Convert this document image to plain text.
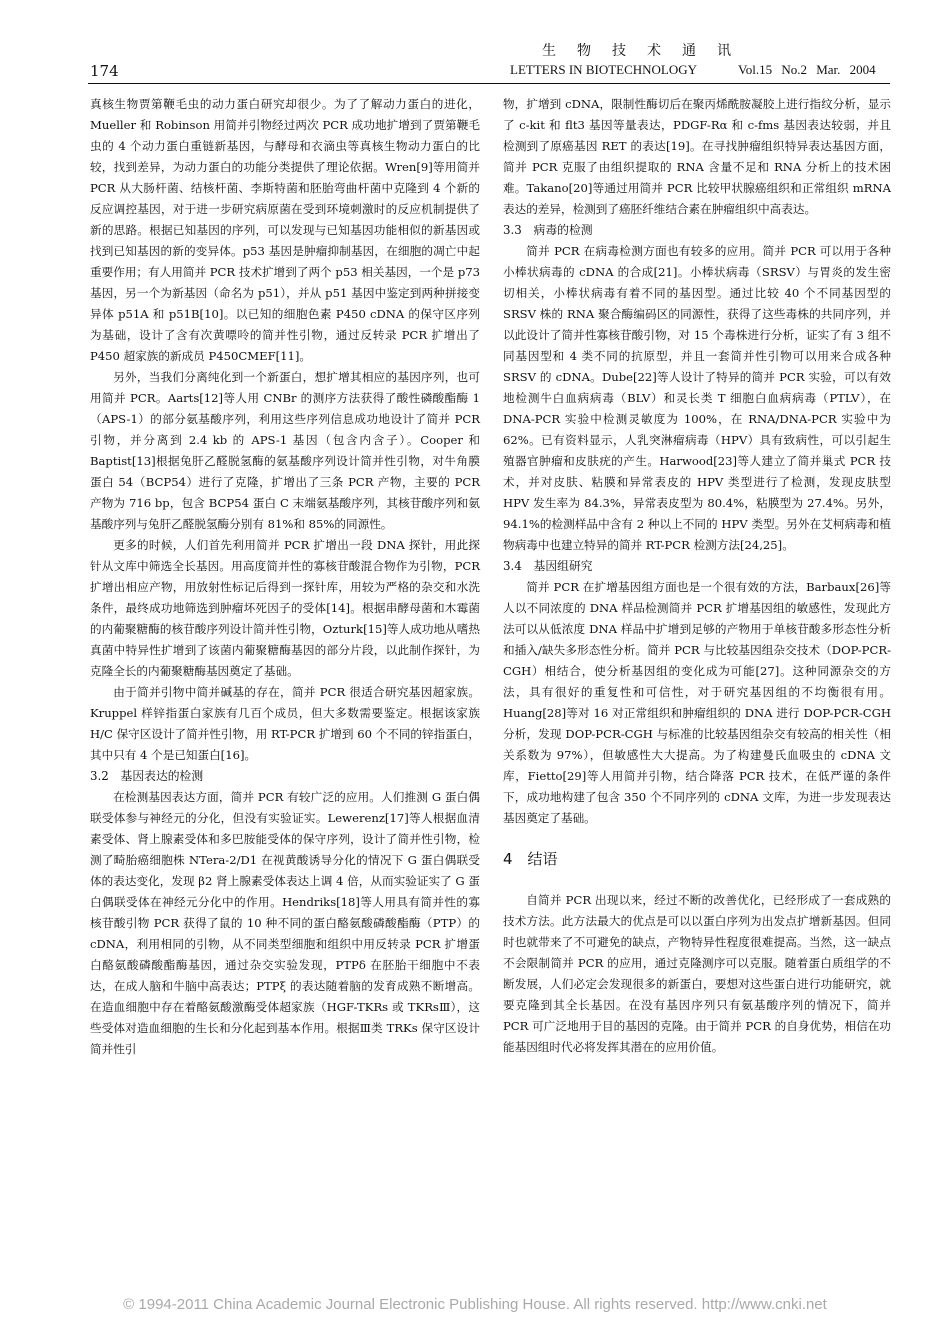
174
生物技术通讯
LETTERS IN BIOTECHNOLOGY	Vol.15 No.2 Mar. 2004

真核生物贾第鞭毛虫的动力蛋白研究却很少。为了了解动力蛋白的进化，Mueller 和 Robinson 用简并引物经过两次 PCR 成功地扩增到了贾第鞭毛虫的 4 个动力蛋白重链新基因，与酵母和衣滴虫等真核生物动力蛋白的比较，找到差异，为动力蛋白的功能分类提供了理论依据。Wren[9]等用简并 PCR 从大肠杆菌、结核杆菌、李斯特菌和胚胎弯曲杆菌中克隆到 4 个新的反应调控基因，对于进一步研究病原菌在受到环境刺激时的反应机制提供了新的思路。根据已知基因的序列，可以发现与已知基因功能相似的新基因或找到已知基因的新的变异体。p53 基因是肿瘤抑制基因，在细胞的凋亡中起重要作用；有人用简并 PCR 技术扩增到了两个 p53 相关基因，一个是 p73 基因，另一个为新基因（命名为 p51），并从 p51 基因中鉴定到两种拼接变异体 p51A 和 p51B[10]。以已知的细胞色素 P450 cDNA 的保守区序列为基础，设计了含有次黄嘌呤的简并性引物，通过反转录 PCR 扩增出了 P450 超家族的新成员 P450CMEF[11]。

另外，当我们分离纯化到一个新蛋白，想扩增其相应的基因序列，也可用简并 PCR。Aarts[12]等人用 CNBr 的测序方法获得了酸性磷酸酯酶 1（APS-1）的部分氨基酸序列，利用这些序列信息成功地设计了简并 PCR 引物，并分离到 2.4 kb 的 APS-1 基因（包含内含子）。Cooper 和 Baptist[13]根据兔肝乙醛脱氢酶的氨基酸序列设计简并性引物，对牛角膜蛋白 54（BCP54）进行了克隆，扩增出了三条 PCR 产物，主要的 PCR 产物为 716 bp，包含 BCP54 蛋白 C 末端氨基酸序列，其核苷酸序列和氨基酸序列与兔肝乙醛脱氢酶分别有 81%和 85%的同源性。

更多的时候，人们首先利用简并 PCR 扩增出一段 DNA 探针，用此探针从文库中筛选全长基因。用高度简并性的寡核苷酸混合物作为引物，PCR 扩增出相应产物，用放射性标记后得到一探针库，用较为严格的杂交和水洗条件，最终成功地筛选到肿瘤坏死因子的受体[14]。根据串酵母菌和木霉菌的内葡聚糖酶的核苷酸序列设计简并性引物，Ozturk[15]等人成功地从嗜热真菌中特异性扩增到了该菌内葡聚糖酶基因的部分片段，以此制作探针，为克隆全长的内葡聚糖酶基因奠定了基础。

由于简并引物中简并碱基的存在，简并 PCR 很适合研究基因超家族。Kruppel 样锌指蛋白家族有几百个成员，但大多数需要鉴定。根据该家族 H/C 保守区设计了简并性引物，用 RT-PCR 扩增到 60 个不同的锌指蛋白，其中只有 4 个是已知蛋白[16]。

3.2　基因表达的检测

在检测基因表达方面，简并 PCR 有较广泛的应用。人们推测 G 蛋白偶联受体参与神经元的分化，但没有实验证实。Lewerenz[17]等人根据血清素受体、肾上腺素受体和多巴胺能受体的保守序列，设计了简并性引物，检测了畸胎癌细胞株 NTera-2/D1 在视黄酸诱导分化的情况下 G 蛋白偶联受体的表达变化，发现 β2 肾上腺素受体表达上调 4 倍，从而实验证实了 G 蛋白偶联受体在神经元分化中的作用。Hendriks[18]等人用具有简并性的寡核苷酸引物 PCR 获得了鼠的 10 种不同的蛋白酪氨酸磷酸酯酶（PTP）的 cDNA，利用相同的引物，从不同类型细胞和组织中用反转录 PCR 扩增蛋白酪氨酸磷酸酯酶基因，通过杂交实验发现，PTPδ 在胚胎干细胞中不表达，在成人脑和牛脑中高表达；PTPξ 的表达随着脑的发育成熟不断增高。在造血细胞中存在着酪氨酸激酶受体超家族（HGF-TKRs 或 TKRsⅢ），这些受体对造血细胞的生长和分化起到基本作用。根据Ⅲ类 TRKs 保守区设计简并性引

物，扩增到 cDNA，限制性酶切后在聚丙烯酰胺凝胶上进行指纹分析，显示了 c-kit 和 flt3 基因等量表达，PDGF-Rα 和 c-fms 基因表达较弱，并且检测到了原癌基因 RET 的表达[19]。在寻找肿瘤组织特异表达基因方面，简并 PCR 克服了由组织提取的 RNA 含量不足和 RNA 分析上的技术困难。Takano[20]等通过用简并 PCR 比较甲状腺癌组织和正常组织 mRNA 表达的差异，检测到了癌胚纤维结合素在肿瘤组织中高表达。

3.3　病毒的检测

简并 PCR 在病毒检测方面也有较多的应用。简并 PCR 可以用于各种小棒状病毒的 cDNA 的合成[21]。小棒状病毒（SRSV）与胃炎的发生密切相关，小棒状病毒有着不同的基因型。通过比较 40 个不同基因型的 SRSV 株的 RNA 聚合酶编码区的同源性，获得了这些毒株的共同序列，并以此设计了简并性寡核苷酸引物，对 15 个毒株进行分析，证实了有 3 组不同基因型和 4 类不同的抗原型，并且一套简并性引物可以用来合成各种 SRSV 的 cDNA。Dube[22]等人设计了特异的简并 PCR 实验，可以有效地检测牛白血病病毒（BLV）和灵长类 T 细胞白血病病毒（PTLV），在 DNA-PCR 实验中检测灵敏度为 100%，在 RNA/DNA-PCR 实验中为 62%。已有资料显示，人乳突淋瘤病毒（HPV）具有致病性，可以引起生殖器官肿瘤和皮肤疣的产生。Harwood[23]等人建立了简并巢式 PCR 技术，并对皮肤、粘膜和异常表皮的 HPV 类型进行了检测，发现皮肤型 HPV 发生率为 84.3%，异常表皮型为 80.4%，粘膜型为 27.4%。另外，94.1%的检测样品中含有 2 种以上不同的 HPV 类型。另外在艾柯病毒和植物病毒中也建立特异的简并 RT-PCR 检测方法[24,25]。

3.4　基因组研究

简并 PCR 在扩增基因组方面也是一个很有效的方法，Barbaux[26]等人以不同浓度的 DNA 样品检测简并 PCR 扩增基因组的敏感性，发现此方法可以从低浓度 DNA 样品中扩增到足够的产物用于单核苷酸多形态性分析和插入/缺失多形态性分析。简并 PCR 与比较基因组杂交技术（DOP-PCR-CGH）相结合，使分析基因组的变化成为可能[27]。这种同源杂交的方法，具有很好的重复性和可信性，对于研究基因组的不均衡很有用。Huang[28]等对 16 对正常组织和肿瘤组织的 DNA 进行 DOP-PCR-CGH 分析，发现 DOP-PCR-CGH 与标准的比较基因组杂交有较高的相关性（相关系数为 97%），但敏感性大大提高。为了构建曼氏血吸虫的 cDNA 文库，Fietto[29]等人用简并引物，结合降落 PCR 技术，在低严谨的条件下，成功地构建了包含 350 个不同序列的 cDNA 文库，为进一步发现表达基因奠定了基础。

4　结语

自简并 PCR 出现以来，经过不断的改善优化，已经形成了一套成熟的技术方法。此方法最大的优点是可以以蛋白序列为出发点扩增新基因。但同时也就带来了不可避免的缺点，产物特异性程度很难提高。当然，这一缺点不会限制简并 PCR 的应用，通过克隆测序可以克服。随着蛋白质组学的不断发展，人们必定会发现很多的新蛋白，要想对这些蛋白进行功能研究，就要克隆到其全长基因。在没有基因序列只有氨基酸序列的情况下，简并 PCR 可广泛地用于目的基因的克隆。由于简并 PCR 的自身优势，相信在功能基因组时代必将发挥其潜在的应用价值。

© 1994-2011 China Academic Journal Electronic Publishing House. All rights reserved. http://www.cnki.net
